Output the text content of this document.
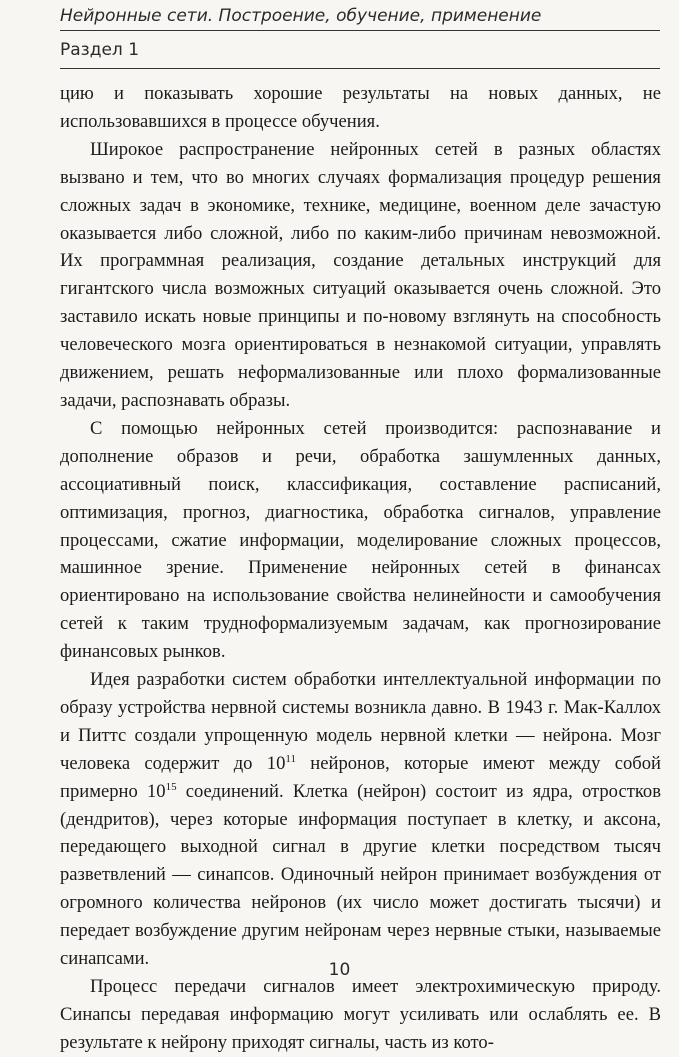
Нейронные сети. Построение, обучение, применение
Раздел 1

цию и показывать хорошие результаты на новых данных, не использовавшихся в процессе обучения.

Широкое распространение нейронных сетей в разных областях вызвано и тем, что во многих случаях формализация процедур решения сложных задач в экономике, технике, медицине, военном деле зачастую оказывается либо сложной, либо по каким-либо причинам невозможной. Их программная реализация, создание детальных инструкций для гигантского числа возможных ситуаций оказывается очень сложной. Это заставило искать новые принципы и по-новому взглянуть на способность человеческого мозга ориентироваться в незнакомой ситуации, управлять движением, решать неформализованные или плохо формализованные задачи, распознавать образы.

С помощью нейронных сетей производится: распознавание и дополнение образов и речи, обработка зашумленных данных, ассоциативный поиск, классификация, составление расписаний, оптимизация, прогноз, диагностика, обработка сигналов, управление процессами, сжатие информации, моделирование сложных процессов, машинное зрение. Применение нейронных сетей в финансах ориентировано на использование свойства нелинейности и самообучения сетей к таким трудноформализуемым задачам, как прогнозирование финансовых рынков.

Идея разработки систем обработки интеллектуальной информации по образу устройства нервной системы возникла давно. В 1943 г. Мак-Каллох и Питтс создали упрощенную модель нервной клетки — нейрона. Мозг человека содержит до $10^{11}$ нейронов, которые имеют между собой примерно $10^{15}$ соединений. Клетка (нейрон) состоит из ядра, отростков (дендритов), через которые информация поступает в клетку, и аксона, передающего выходной сигнал в другие клетки посредством тысяч разветвлений — синапсов. Одиночный нейрон принимает возбуждения от огромного количества нейронов (их число может достигать тысячи) и передает возбуждение другим нейронам через нервные стыки, называемые синапсами.

Процесс передачи сигналов имеет электрохимическую природу. Синапсы передавая информацию могут усиливать или ослаблять ее. В результате к нейрону приходят сигналы, часть из кото-

10
